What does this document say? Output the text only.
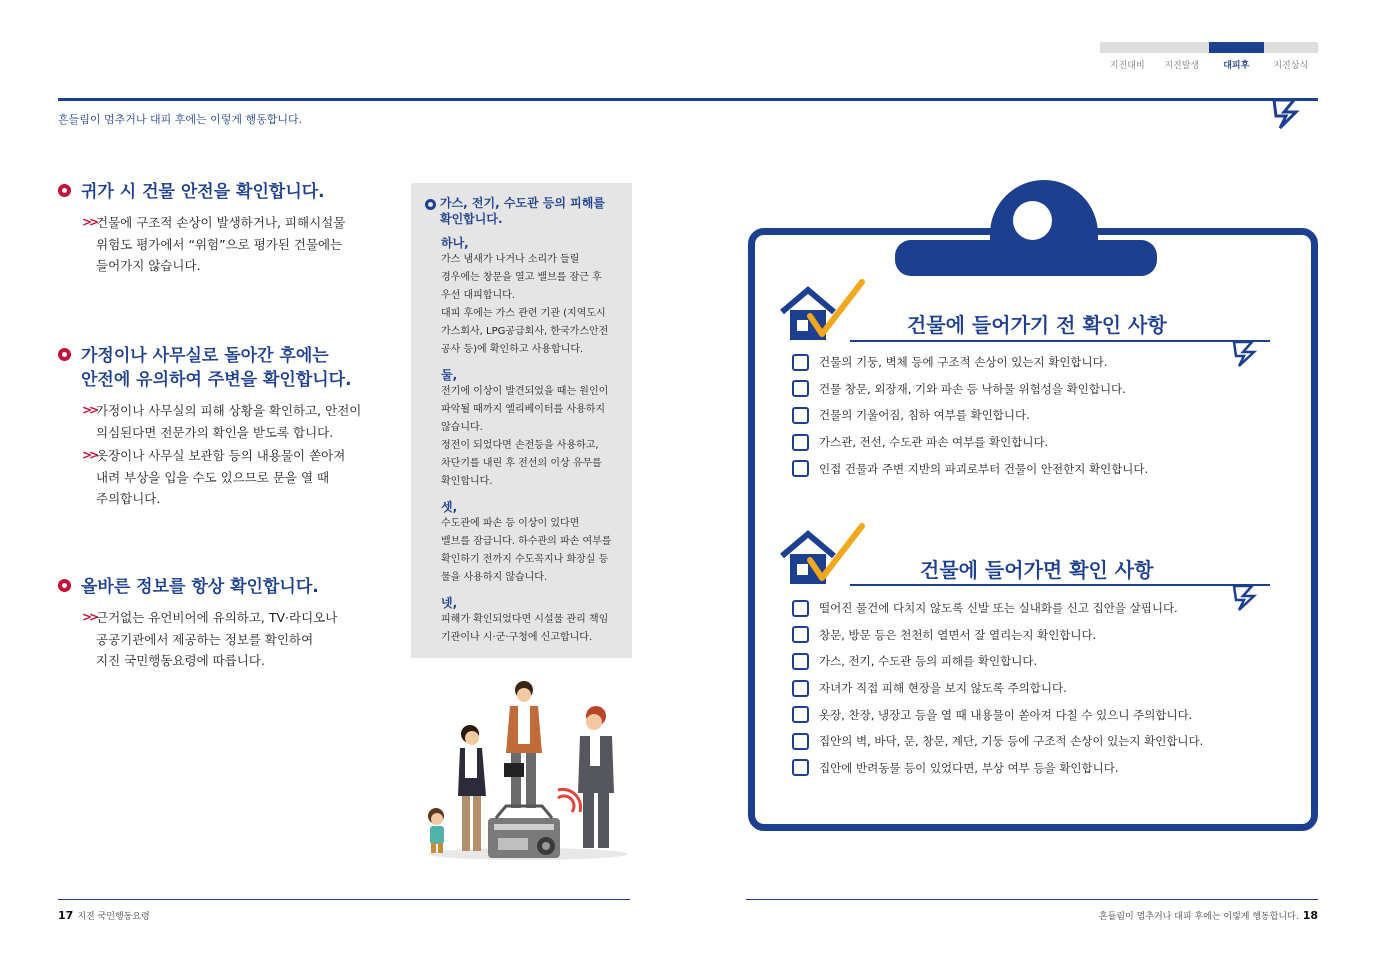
지진대비	지진발생	대피후	지진상식
흔들림이 멈추거나 대피 후에는 이렇게 행동합니다.
귀가 시 건물 안전을 확인합니다.
>> 건물에 구조적 손상이 발생하거나, 피해시설물
위험도 평가에서 “위험”으로 평가된 건물에는
들어가지 않습니다.
가정이나 사무실로 돌아간 후에는
안전에 유의하여 주변을 확인합니다.
>> 가정이나 사무실의 피해 상황을 확인하고, 안전이
의심된다면 전문가의 확인을 받도록 합니다.
>> 옷장이나 사무실 보관함 등의 내용물이 쏟아져
내려 부상을 입을 수도 있으므로 문을 열 때
주의합니다.
올바른 정보를 항상 확인합니다.
>> 근거없는 유언비어에 유의하고, TV·라디오나
공공기관에서 제공하는 정보를 확인하여
지진 국민행동요령에 따릅니다.
가스, 전기, 수도관 등의 피해를
확인합니다.
하나,
가스 냄새가 나거나 소리가 들릴
경우에는 창문을 열고 밸브를 잠근 후
우선 대피합니다.
대피 후에는 가스 관련 기관 (지역도시
가스회사, LPG공급회사, 한국가스안전
공사 등)에 확인하고 사용합니다.
둘,
전기에 이상이 발견되었을 때는 원인이
파악될 때까지 엘리베이터를 사용하지
않습니다.
정전이 되었다면 손전등을 사용하고,
차단기를 내린 후 전선의 이상 유무를
확인합니다.
셋,
수도관에 파손 등 이상이 있다면
밸브를 잠급니다. 하수관의 파손 여부를
확인하기 전까지 수도꼭지나 화장실 등
물을 사용하지 않습니다.
넷,
피해가 확인되었다면 시설물 관리 책임
기관이나 시·군·구청에 신고합니다.
건물에 들어가기 전 확인 사항
건물의 기둥, 벽체 등에 구조적 손상이 있는지 확인합니다.
건물 창문, 외장재, 기와 파손 등 낙하물 위험성을 확인합니다.
건물의 기울어짐, 침하 여부를 확인합니다.
가스관, 전선, 수도관 파손 여부를 확인합니다.
인접 건물과 주변 지반의 파괴로부터 건물이 안전한지 확인합니다.
건물에 들어가면 확인 사항
떨어진 물건에 다치지 않도록 신발 또는 실내화를 신고 집안을 살핍니다.
창문, 방문 등은 천천히 열면서 잘 열리는지 확인합니다.
가스, 전기, 수도관 등의 피해를 확인합니다.
자녀가 직접 피해 현장을 보지 않도록 주의합니다.
옷장, 찬장, 냉장고 등을 열 때 내용물이 쏟아져 다칠 수 있으니 주의합니다.
집안의 벽, 바닥, 문, 창문, 계단, 기둥 등에 구조적 손상이 있는지 확인합니다.
집안에 반려동물 등이 있었다면, 부상 여부 등을 확인합니다.
17 지진 국민행동요령	흔들림이 멈추거나 대피 후에는 이렇게 행동합니다. 18
